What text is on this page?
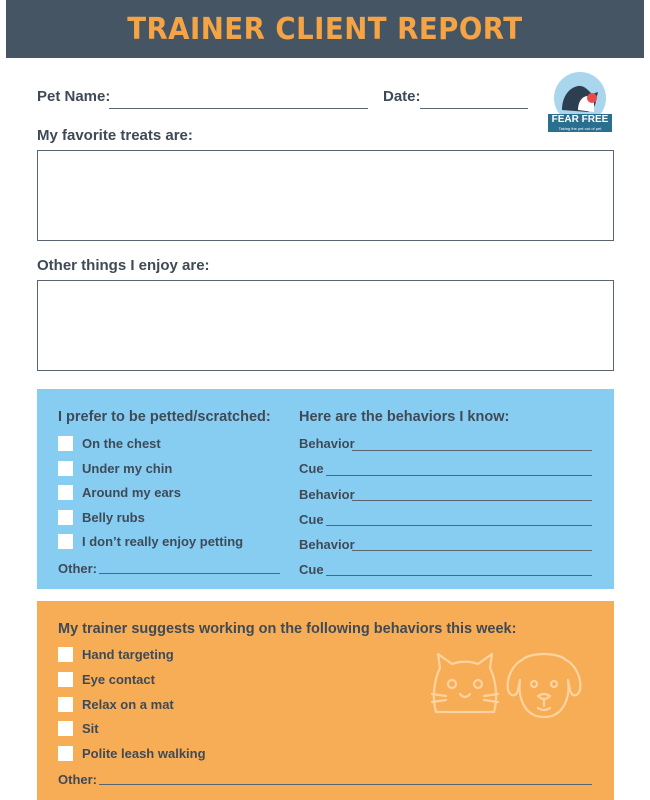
TRAINER CLIENT REPORT
Pet Name:	Date:
FEAR FREE
Taking the pet out of pet
My favorite treats are:
Other things I enjoy are:
I prefer to be petted/scratched:
On the chest
Under my chin
Around my ears
Belly rubs
I don’t really enjoy petting
Other:
Here are the behaviors I know:
Behavior
Cue
Behavior
Cue
Behavior
Cue
My trainer suggests working on the following behaviors this week:
Hand targeting
Eye contact
Relax on a mat
Sit
Polite leash walking
Other:
